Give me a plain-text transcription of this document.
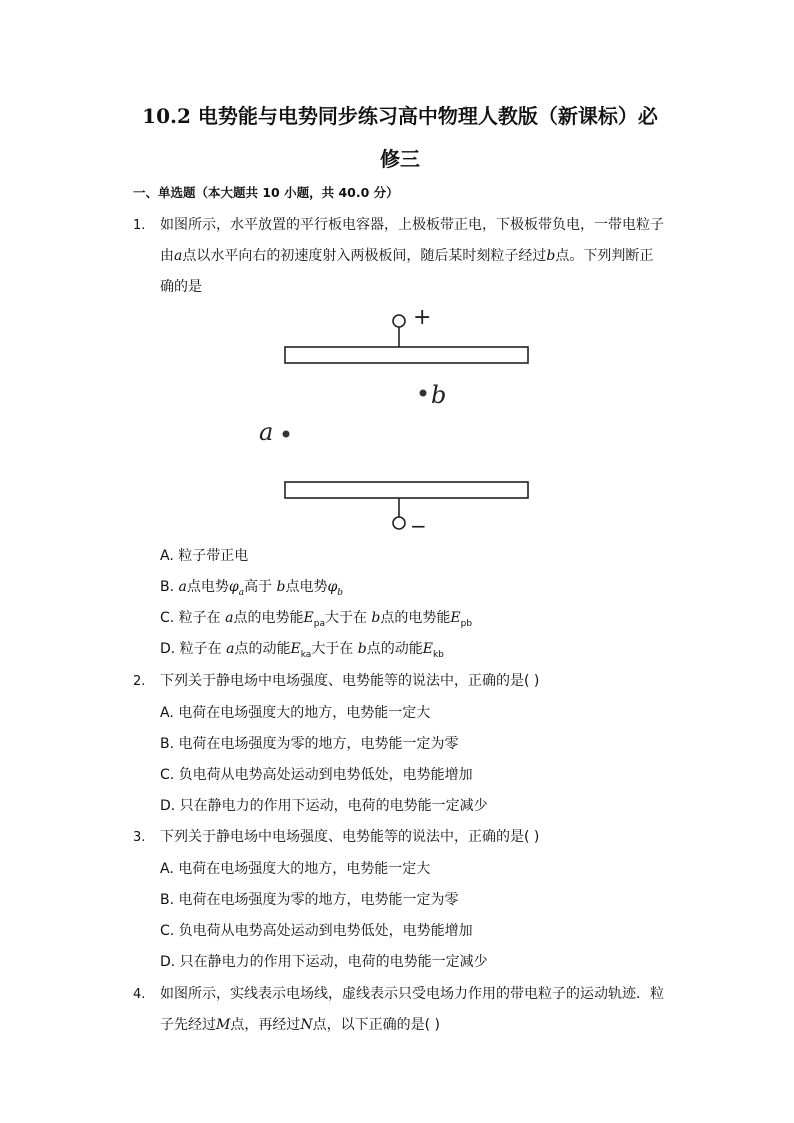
10.2 电势能与电势同步练习高中物理人教版（新课标）必
修三
一、单选题（本大题共 10 小题，共 40.0 分）
1. 如图所示，水平放置的平行板电容器，上极板带正电，下极板带负电，一带电粒子
由a点以水平向右的初速度射入两极板间，随后某时刻粒子经过b点。下列判断正
确的是
+
b
a
−
A. 粒子带正电
B. a点电势$\varphi_a$高于 b点电势$\varphi_b$
C. 粒子在 a点的电势能$E_{pa}$大于在 b点的电势能$E_{pb}$
D. 粒子在 a点的动能$E_{ka}$大于在 b点的动能$E_{kb}$
2. 下列关于静电场中电场强度、电势能等的说法中，正确的是( )
A. 电荷在电场强度大的地方，电势能一定大
B. 电荷在电场强度为零的地方，电势能一定为零
C. 负电荷从电势高处运动到电势低处，电势能增加
D. 只在静电力的作用下运动，电荷的电势能一定减少
3. 下列关于静电场中电场强度、电势能等的说法中，正确的是( )
A. 电荷在电场强度大的地方，电势能一定大
B. 电荷在电场强度为零的地方，电势能一定为零
C. 负电荷从电势高处运动到电势低处，电势能增加
D. 只在静电力的作用下运动，电荷的电势能一定减少
4. 如图所示，实线表示电场线，虚线表示只受电场力作用的带电粒子的运动轨迹．粒
子先经过M点，再经过N点，以下正确的是( )
